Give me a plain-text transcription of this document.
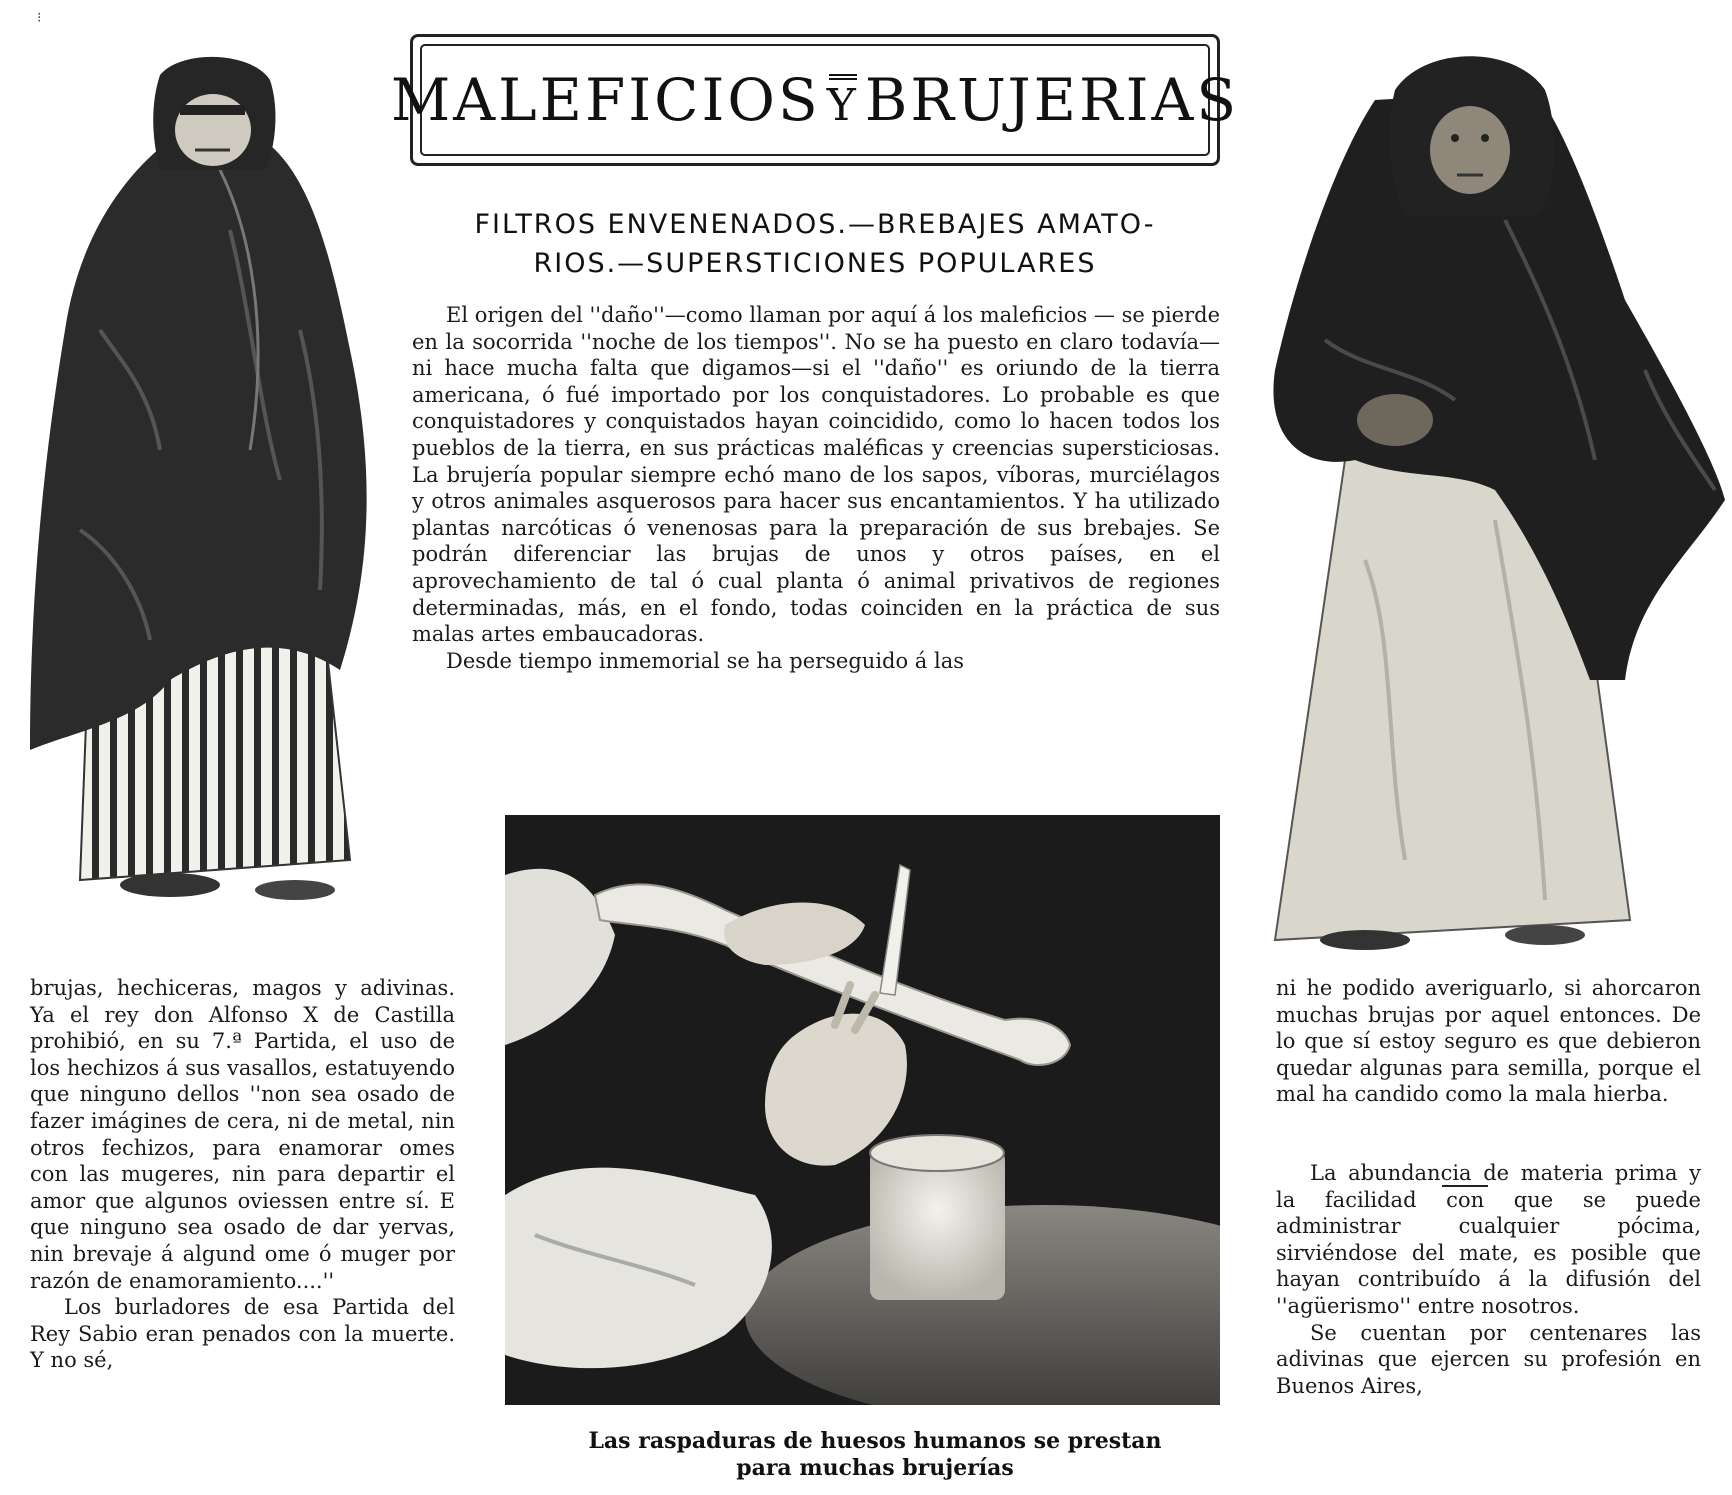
⁝
MALEFICIOS Y BRUJERIAS
FILTROS ENVENENADOS.—BREBAJES AMATO-
RIOS.—SUPERSTICIONES POPULARES

El origen del ''daño''—como llaman por aquí á los maleficios — se pierde en la socorrida ''noche de los tiempos''. No se ha puesto en claro todavía—ni hace mucha falta que digamos—si el ''daño'' es oriundo de la tierra americana, ó fué importado por los conquistadores. Lo probable es que conquistadores y conquistados hayan coincidido, como lo hacen todos los pueblos de la tierra, en sus prácticas maléficas y creencias supersticiosas. La brujería popular siempre echó mano de los sapos, víboras, murciélagos y otros animales asquerosos para hacer sus encantamientos. Y ha utilizado plantas narcóticas ó venenosas para la preparación de sus brebajes. Se podrán diferenciar las brujas de unos y otros países, en el aprovechamiento de tal ó cual planta ó animal privativos de regiones determinadas, más, en el fondo, todas coinciden en la práctica de sus malas artes embaucadoras.

Desde tiempo inmemorial se ha perseguido á las

brujas, hechiceras, magos y adivinas. Ya el rey don Alfonso X de Castilla prohibió, en su 7.ª Partida, el uso de los hechizos á sus vasallos, estatuyendo que ninguno dellos ''non sea osado de fazer imágines de cera, ni de metal, nin otros fechizos, para enamorar omes con las mugeres, nin para departir el amor que algunos oviessen entre sí. E que ninguno sea osado de dar yervas, nin brevaje á algund ome ó muger por razón de enamoramiento....''

Los burladores de esa Partida del Rey Sabio eran penados con la muerte. Y no sé,

ni he podido averiguarlo, si ahorcaron muchas brujas por aquel entonces. De lo que sí estoy seguro es que debieron quedar algunas para semilla, porque el mal ha candido como la mala hierba.

La abundancia de materia prima y la facilidad con que se puede administrar cualquier pócima, sirviéndose del mate, es posible que hayan contribuído á la difusión del ''agüerismo'' entre nosotros.

Se cuentan por centenares las adivinas que ejercen su profesión en Buenos Aires,

Las raspaduras de huesos humanos se prestan
para muchas brujerías
